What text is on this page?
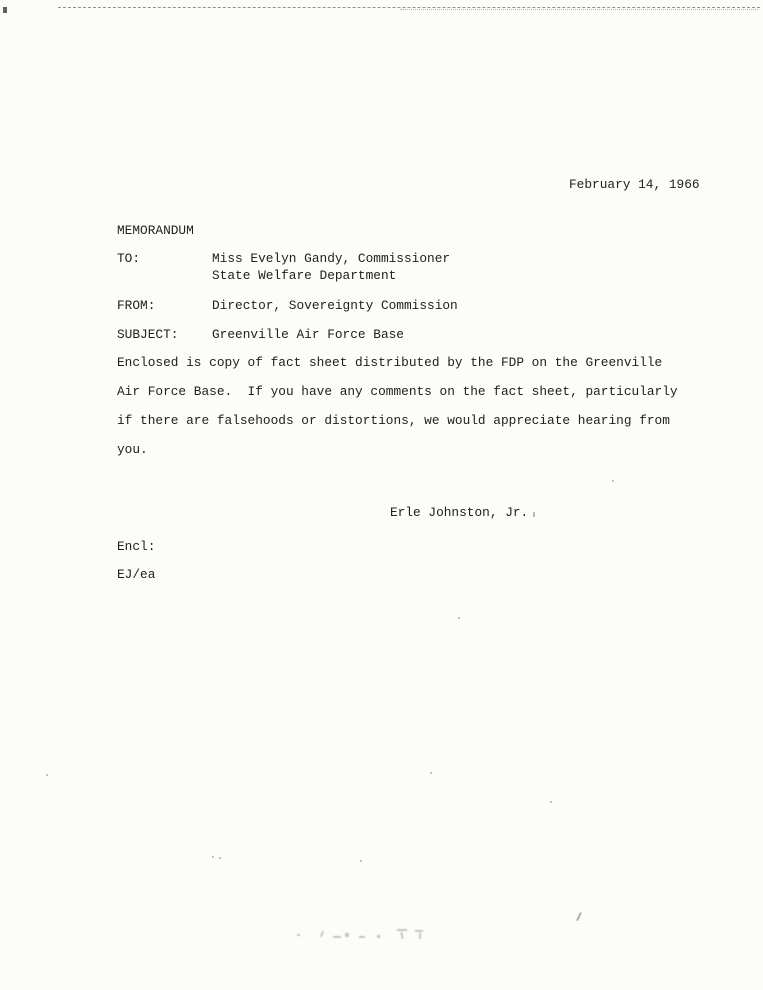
February 14, 1966
MEMORANDUM
TO:	Miss Evelyn Gandy, Commissioner
State Welfare Department
FROM:	Director, Sovereignty Commission
SUBJECT:	Greenville Air Force Base
Enclosed is copy of fact sheet distributed by the FDP on the Greenville
Air Force Base.  If you have any comments on the fact sheet, particularly
if there are falsehoods or distortions, we would appreciate hearing from
you.
Erle Johnston, Jr.
Encl:
EJ/ea
